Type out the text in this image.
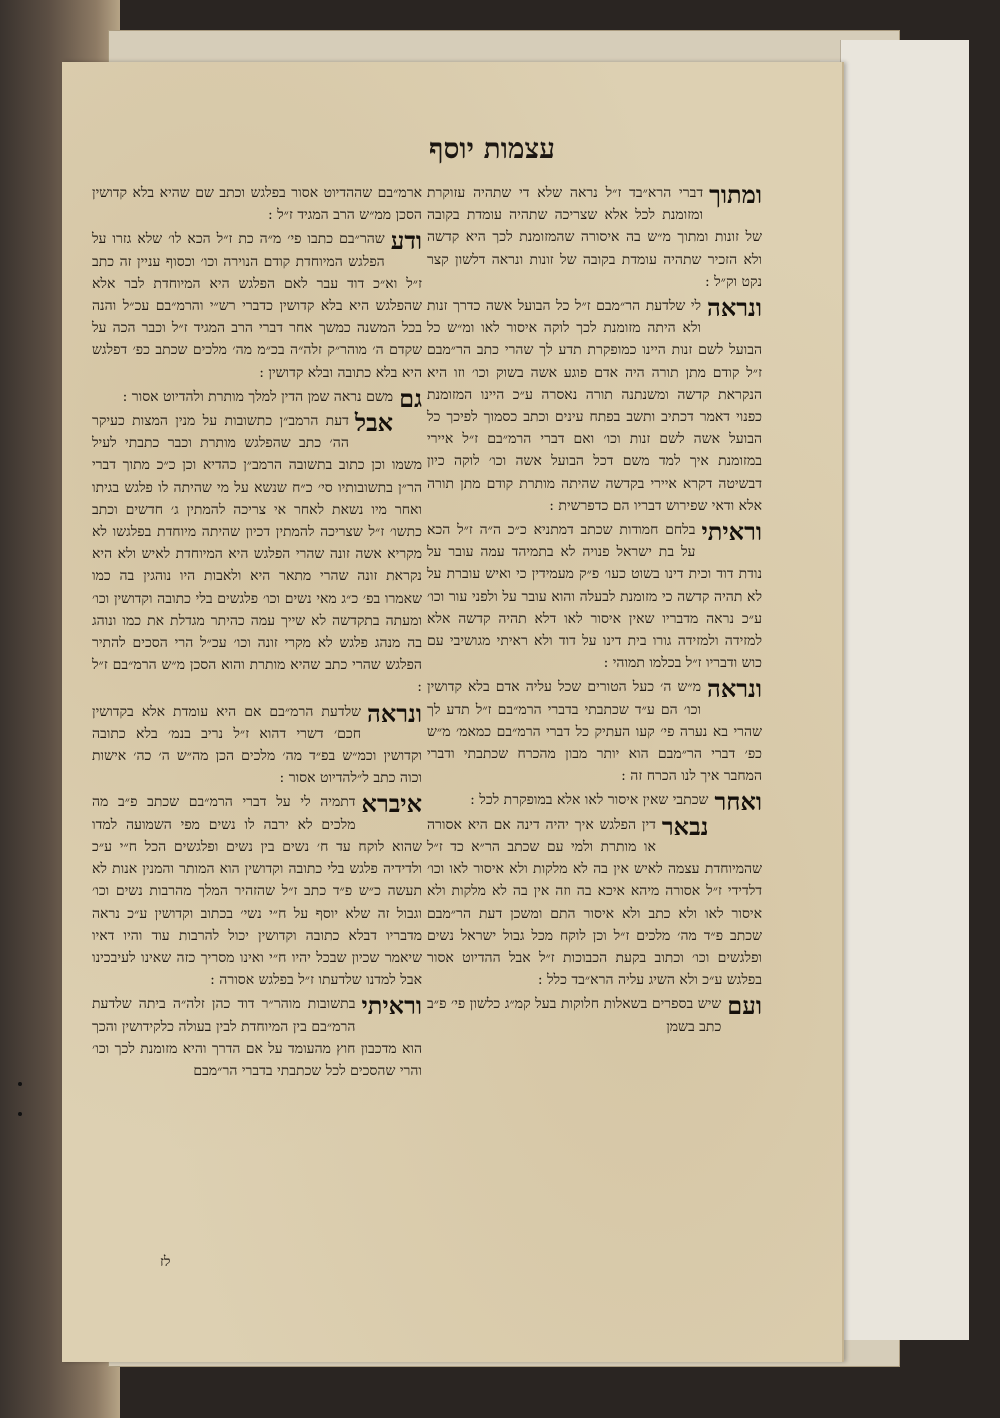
עצמות יוסף
ומתוך
דברי הרא״בד ז״ל נראה שלא די שתהיה עזוקרת ומזומנת לכל אלא שצריכה שתהיה עומדת בקובה של זונות ומתוך מ״ש בה איסורה שהמזומנת לכך היא קדשה ולא הזכיר שתהיה עומדת בקובה של זונות ונראה דלשון קצר נקט וק״ל :
ונראה
לי שלדעת הר״מבם ז״ל כל הבועל אשה כדרך זנות ולא היתה מזומנת לכך לוקה איסור לאו ומ״ש כל הבועל לשם זנות היינו כמופקרת תדע לך שהרי כתב הר״מבם ז״ל קודם מתן תורה היה אדם פוגע אשה בשוק וכו׳ וזו היא הנקראת קדשה ומשנתנה תורה נאסרה ע״כ היינו המזומנת כפנוי דאמר דכתיב ותשב בפתח עינים וכתב כסמוך לפיכך כל הבועל אשה לשם זנות וכו׳ ואם דברי הרמ״בם ז״ל איירי במזומנת איך למד משם דכל הבועל אשה וכו׳ לוקה כיון דבשיטה דקרא איירי בקדשה שהיתה מותרת קודם מתן תורה אלא ודאי שפירוש דבריו הם כדפרשית :
וראיתי
בלחם חמודות שכתב דמתניא כ״כ ה״ה ז״ל הכא על בת ישראל פנויה לא בתמיהד עמה עובר על נודת דוד וכית דינו בשוט כעו׳ פ״ק מעמידין כי ואיש עוברת על לא תהיה קדשה כי מזומנת לבעלה והוא עובר על ולפני עור וכו׳ ע״כ נראה מדבריו שאין איסור לאו דלא תהיה קדשה אלא למזידה ולמזידה גורו בית דינו על דוד ולא ראיתי מגושיבי עם כוש ודבריו ז״ל בכלמו תמוהי :
ונראה
מ״ש ה׳ כעל הטורים שכל עליה אדם בלא קדושין וכו׳ הם ע״ד שכתבתי בדברי הרמ״בם ז״ל תדע לך שהרי בא נערה פי׳ קעו העתיק כל דברי הרמ״בם כמאמ׳ מ״ש כפ׳ דברי הר״מבם הוא יותר מבון מהכרח שכתבתי ודברי המחבר איך לנו הכרח זה :
ואחר
שכתבי שאין איסור לאו אלא במופקרת לכל :
נבאר
דין הפלגש איך יהיה דינה אם היא אסורה או מותרת ולמי עם שכתב הר״א כד ז״ל שהמיוחדת עצמה לאיש אין בה לא מלקות ולא איסור לאו וכו׳ דלדידי ז״ל אסורה מיהא איכא בה וזה אין בה לא מלקות ולא איסור לאו ולא כתב ולא איסור התם ומשכן דעת הר״מבם שכתב פ״ד מה׳ מלכים ז״ל וכן לוקח מכל גבול ישראל נשים ופלגשים וכו׳ וכתוב בקעת הכבוכות ז״ל אבל ההדיוט אסור בפלגש ע״כ ולא השיג עליה הרא״בד כלל :
ועם
שיש בספרים בשאלות חלוקות בעל קמ״ג כלשון פי׳ פ״ב כתב בשמן
ארמ״בם שההדיוט אסור בפלגש וכתב שם שהיא בלא קדושין הסכן ממ״ש הרב המגיד ז״ל :
ודע
שהר״בם כתבו פי׳ מ״ה כת ז״ל הכא לו׳ שלא גזרו על הפלגש המיוחדת קודם הנוירה וכו׳ וכסוף עניין זה כתב ז״ל וא״כ דוד עבר לאם הפלגש היא המיוחדת לבר אלא שהפלגש היא בלא קדושין כדברי רש״י והרמ״בם עכ״ל והנה בכל המשנה כמשך אחר דברי הרב המגיד ז״ל וכבר הכה על שקדם ה׳ מוהר״ק זלה״ה בכ״מ מה׳ מלכים שכתב כפ׳ דפלגש היא בלא כתובה ובלא קדושין :
גם
משם נראה שמן הדין למלך מותרת ולהדיוט אסור :
אבל
דעת הרמב״ן כתשובות על מנין המצות כעיקר הה׳ כתב שהפלגש מותרת וכבר כתבתי לעיל משמו וכן כתוב בתשובה הרמב״ן כהדיא וכן כ״כ מתוך דברי הר״ן בתשובותיו סי׳ כ״ח שנשא על מי שהיתה לו פלגש בגיתו ואחר מיו נשאת לאחר אי צריכה להמתין ג׳ חדשים וכתב כתשו׳ ז״ל שצריכה להמתין דכיון שהיתה מיוחדת בפלגשו לא מקריא אשה זונה שהרי הפלגש היא המיוחדת לאיש ולא היא נקראת זונה שהרי מתאר היא ולאבות היו נוהגין בה כמו שאמרו בפ׳ כ״ג מאי נשים וכו׳ פלגשים בלי כתובה וקדושין וכו׳ ומעתה בתקדשה לא שייך עמה כהיתר מגדלת את כמו ונוהג בה מנהג פלגש לא מקרי זונה וכו׳ עכ״ל הרי הסכים להתיר הפלגש שהרי כתב שהיא מותרת והוא הסכן מ״ש הרמ״בם ז״ל :
ונראה
שלדעת הרמ״בם אם היא עומדת אלא בקדושין חכם׳ דשרי דהוא ז״ל נריב בנמ׳ בלא כתובה וקדושין וכמ״ש בפ״ד מה׳ מלכים הכן מה״ש ה׳ כה׳ אישות וכוה כתב ל״להדיוט אסור :
איברא
דתמיה לי על דברי הרמ״בם שכתב פ״ב מה מלכים לא ירבה לו נשים מפי השמועה למדו שהוא לוקח עד ח׳ נשים בין נשים ופלגשים הכל ח״י ע״כ ולדידיה פלגש בלי כתובה וקדושין הוא המותר והמנין אנות לא תעשה כ״ש פ״ד כתב ז״ל שהזהיר המלך מהרבות נשים וכו׳ וגבול זה שלא יוסף על ח״י נשי׳ בכתוב וקדושין ע״כ נראה מדבריו דבלא כתובה וקדושין יכול להרבות עוד והיו דאיו שיאמר שכיון שבכל יהיו ח״י ואינו מסריך כזה שאינו לעיבכינו אבל למדנו שלדעתו ז״ל בפלגש אסורה :
וראיתי
בתשובות מוהר״ר דוד כהן זלה״ה ביתה שלדעת הרמ״בם בין המיוחדת לבין בעולה כלקידושין והכך הוא מדכבון חוץ מהעומד על אם הדרך והיא מזומנת לכך וכו׳ והרי שהסכים לכל שכתבתי בדברי הר״מבם
לז
